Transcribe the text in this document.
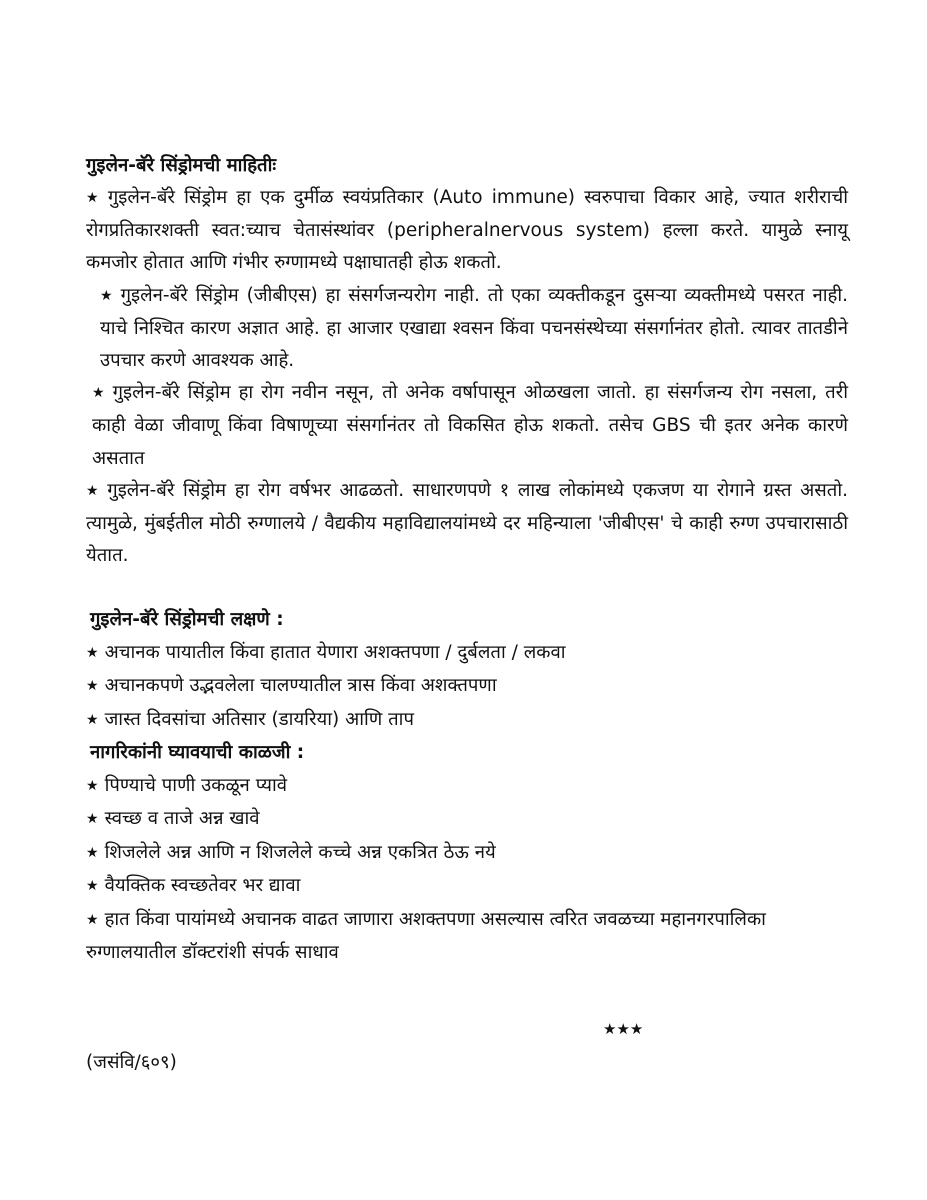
गुइलेन-बॅरे सिंड्रोमची माहितीः

★ गुइलेन-बॅरे सिंड्रोम हा एक दुर्मीळ स्वयंप्रतिकार (Auto immune) स्वरुपाचा विकार आहे, ज्यात शरीराची रोगप्रतिकारशक्ती स्वत:च्याच चेतासंस्थांवर (peripheralnervous system) हल्ला करते. यामुळे स्नायू कमजोर होतात आणि गंभीर रुग्णामध्ये पक्षाघातही होऊ शकतो.

★ गुइलेन-बॅरे सिंड्रोम (जीबीएस) हा संसर्गजन्यरोग नाही. तो एका व्यक्तीकडून दुसऱ्या व्यक्तीमध्ये पसरत नाही. याचे निश्चित कारण अज्ञात आहे. हा आजार एखाद्या श्वसन किंवा पचनसंस्थेच्या संसर्गानंतर होतो. त्यावर तातडीने उपचार करणे आवश्यक आहे.

★ गुइलेन-बॅरे सिंड्रोम हा रोग नवीन नसून, तो अनेक वर्षापासून ओळखला जातो. हा संसर्गजन्य रोग नसला, तरी काही वेळा जीवाणू किंवा विषाणूच्या संसर्गानंतर तो विकसित होऊ शकतो. तसेच GBS ची इतर अनेक कारणे असतात

★ गुइलेन-बॅरे सिंड्रोम हा रोग वर्षभर आढळतो. साधारणपणे १ लाख लोकांमध्ये एकजण या रोगाने ग्रस्त असतो. त्यामुळे, मुंबईतील मोठी रुग्णालये / वैद्यकीय महाविद्यालयांमध्ये दर महिन्याला 'जीबीएस' चे काही रुग्ण उपचारासाठी येतात.

गुइलेन-बॅरे सिंड्रोमची लक्षणे :

★ अचानक पायातील किंवा हातात येणारा अशक्तपणा / दुर्बलता / लकवा

★ अचानकपणे उद्भवलेला चालण्यातील त्रास किंवा अशक्तपणा

★ जास्त दिवसांचा अतिसार (डायरिया) आणि ताप

नागरिकांनी घ्यावयाची काळजी :

★ पिण्याचे पाणी उकळून प्यावे

★ स्वच्छ व ताजे अन्न खावे

★ शिजलेले अन्न आणि न शिजलेले कच्चे अन्न एकत्रित ठेऊ नये

★ वैयक्तिक स्वच्छतेवर भर द्यावा

★ हात किंवा पायांमध्ये अचानक वाढत जाणारा अशक्तपणा असल्यास त्वरित जवळच्या महानगरपालिका रुग्णालयातील डॉक्टरांशी संपर्क साधाव

★★★
(जसंवि/६०९)
